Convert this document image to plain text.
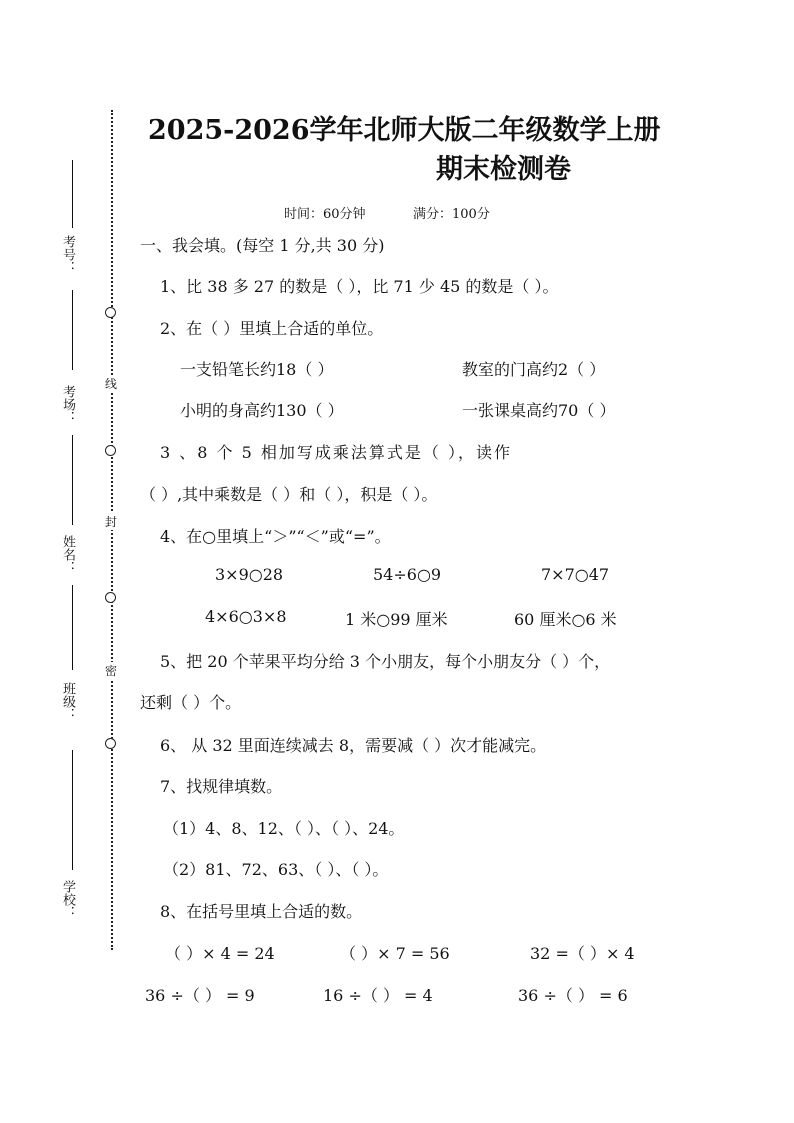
考号：
考场：
姓名：
班级：
学校：
线
封
密
2025-2026学年北师大版二年级数学上册
期末检测卷
时间：60分钟	满分：100分
一、我会填。(每空 1 分,共 30 分)
1、比 38 多 27 的数是（ ），比 71 少 45 的数是（ ）。
2、在（ ）里填上合适的单位。
一支铅笔长约18（ ）	教室的门高约2（ ）
小明的身高约130（ ）	一张课桌高约70（ ）
3 、8 个 5 相加写成乘法算式是（ ），读作
（ ）,其中乘数是（ ）和（ ），积是（ ）。
4、在○里填上“＞”“＜”或“=”。
3×9○28	54÷6○9	7×7○47
4×6○3×8	1 米○99 厘米	60 厘米○6 米
5、把 20 个苹果平均分给 3 个小朋友，每个小朋友分（ ）个，
还剩（ ）个。
6、 从 32 里面连续减去 8，需要减（ ）次才能减完。
7、找规律填数。
（1）4、8、12、（ ）、（ ）、24。
（2）81、72、63、（ ）、（ ）。
8、在括号里填上合适的数。
（ ）× 4 = 24	（ ）× 7 = 56	32 =（ ）× 4
36 ÷（ ） = 9	16 ÷（ ） = 4	36 ÷（ ） = 6
